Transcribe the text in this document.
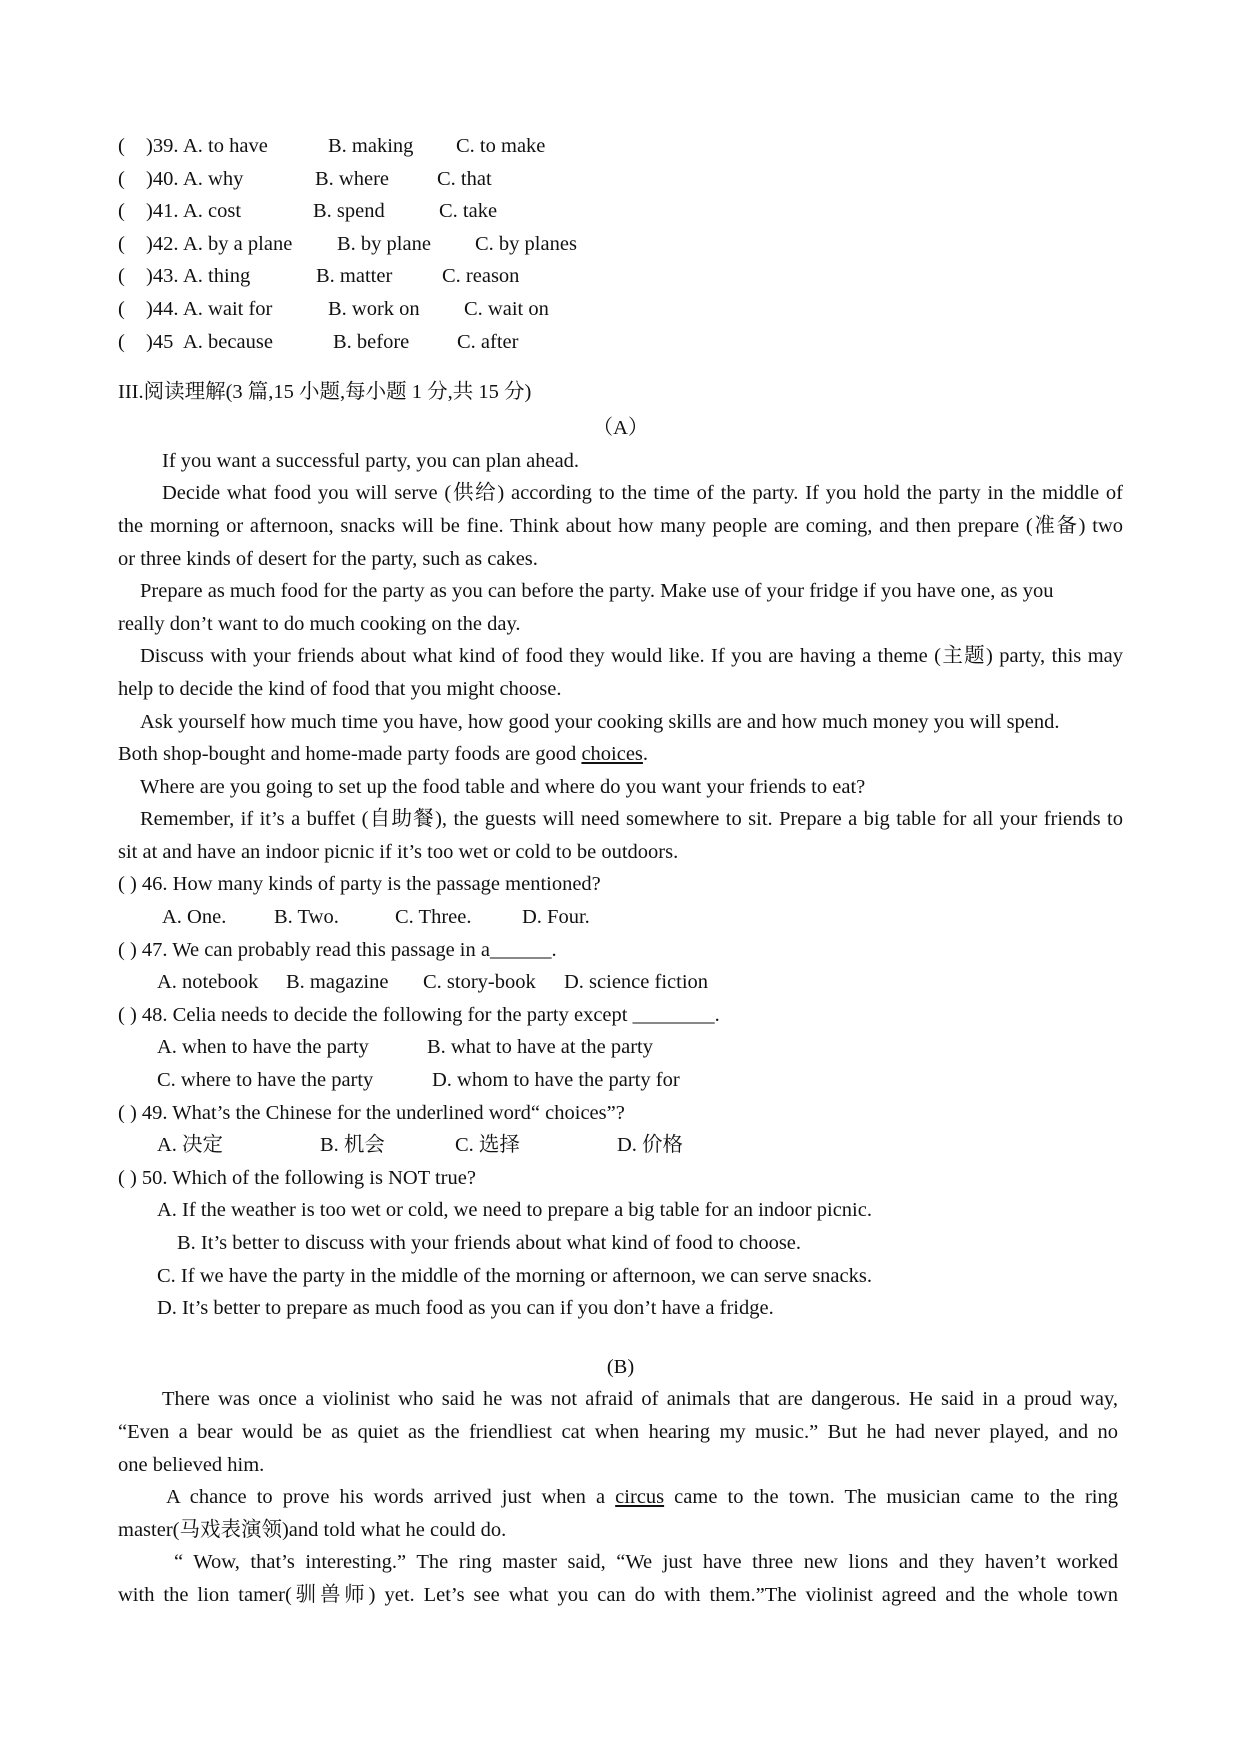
( )39.A. to have	B. making C. to make
( )40.A. why	B. where C. that
( )41.A. cost	B. spend	C. take
( )42.A. by a plane B. by plane C. by planes
( )43.A. thing	B. matter C. reason
( )44.A. wait for	B. work on C. wait on
( )45A. because	B. before C. after
III.阅读理解(3 篇,15 小题,每小题 1 分,共 15 分)
（A）
If you want a successful party, you can plan ahead.
Decide what food you will serve (供给) according to the time of the party. If you hold the party in the middle of
the morning or afternoon, snacks will be fine. Think about how many people are coming, and then prepare (准备) two
or three kinds of desert for the party, such as cakes.
Prepare as much food for the party as you can before the party. Make use of your fridge if you have one, as you
really don’t want to do much cooking on the day.
Discuss with your friends about what kind of food they would like. If you are having a theme (主题) party, this may
help to decide the kind of food that you might choose.
Ask yourself how much time you have, how good your cooking skills are and how much money you will spend.
Both shop-bought and home-made party foods are good choices.
Where are you going to set up the food table and where do you want your friends to eat?
Remember, if it’s a buffet (自助餐), the guests will need somewhere to sit. Prepare a big table for all your friends to
sit at and have an indoor picnic if it’s too wet or cold to be outdoors.
( ) 46. How many kinds of party is the passage mentioned?
A. One. B. Two.	C. Three. D. Four.
( ) 47. We can probably read this passage in a______.
A. notebook B. magazine C. story-book D. science fiction
( ) 48. Celia needs to decide the following for the party except ________.
A. when to have the party	B. what to have at the party
C. where to have the party	D. whom to have the party for
( ) 49. What’s the Chinese for the underlined word“ choices”?
A. 决定	B. 机会	C. 选择	D. 价格
( ) 50. Which of the following is NOT true?
A. If the weather is too wet or cold, we need to prepare a big table for an indoor picnic.
B. It’s better to discuss with your friends about what kind of food to choose.
C. If we have the party in the middle of the morning or afternoon, we can serve snacks.
D. It’s better to prepare as much food as you can if you don’t have a fridge.
(B)
There was once a violinist who said he was not afraid of animals that are dangerous. He said in a proud way,
“Even a bear would be as quiet as the friendliest cat when hearing my music.” But he had never played, and no
one believed him.
A chance to prove his words arrived just when a circus came to the town. The musician came to the ring
master(马戏表演领)and told what he could do.
“ Wow, that’s interesting.” The ring master said, “We just have three new lions and they haven’t worked
with the lion tamer(驯兽师) yet. Let’s see what you can do with them.”The violinist agreed and the whole town
